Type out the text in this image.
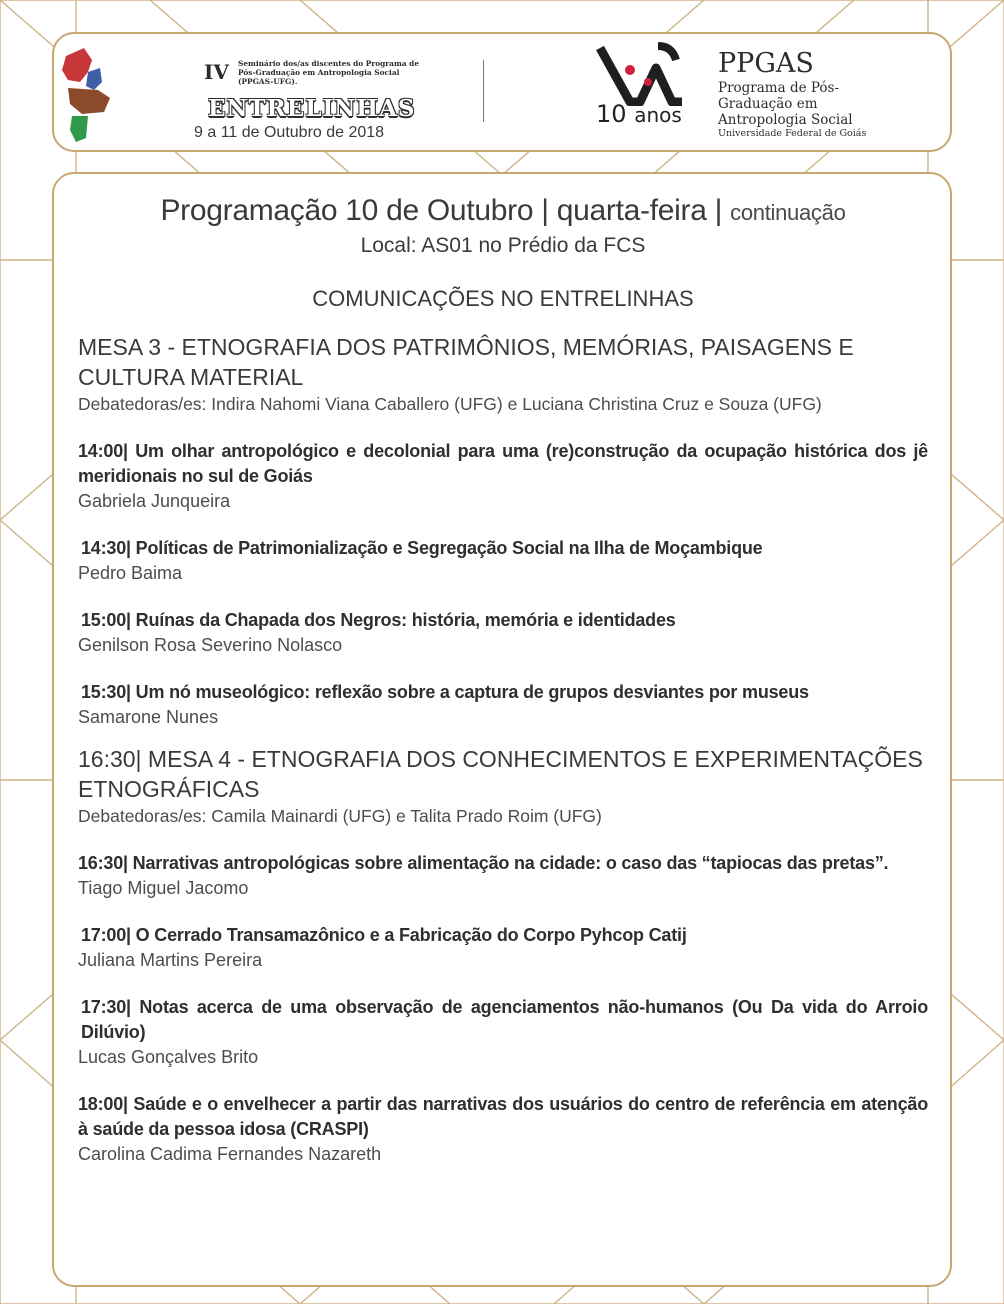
IV Seminário dos/as discentes do Programa de Pós-Graduação em Antropologia Social (PPGAS-UFG).
ENTRELINHAS
9 a 11 de Outubro de 2018
10 anos
PPGAS
Programa de Pós-Graduação em Antropologia Social
Universidade Federal de Goiás
Programação 10 de Outubro | quarta-feira | continuação
Local: AS01 no Prédio da FCS
COMUNICAÇÕES NO ENTRELINHAS
MESA 3 - ETNOGRAFIA DOS PATRIMÔNIOS, MEMÓRIAS, PAISAGENS E CULTURA MATERIAL
Debatedoras/es: Indira Nahomi Viana Caballero (UFG) e Luciana Christina Cruz e Souza (UFG)
14:00| Um olhar antropológico e decolonial para uma (re)construção da ocupação histórica dos jê meridionais no sul de Goiás
Gabriela Junqueira
14:30| Políticas de Patrimonialização e Segregação Social na Ilha de Moçambique
Pedro Baima
15:00| Ruínas da Chapada dos Negros: história, memória e identidades
Genilson Rosa Severino Nolasco
15:30| Um nó museológico: reflexão sobre a captura de grupos desviantes por museus
Samarone Nunes
16:30| MESA 4 - ETNOGRAFIA DOS CONHECIMENTOS E EXPERIMENTAÇÕES ETNOGRÁFICAS
Debatedoras/es: Camila Mainardi (UFG) e Talita Prado Roim (UFG)
16:30| Narrativas antropológicas sobre alimentação na cidade: o caso das “tapiocas das pretas”.
Tiago Miguel Jacomo
17:00| O Cerrado Transamazônico e a Fabricação do Corpo Pyhcop Catij
Juliana Martins Pereira
17:30| Notas acerca de uma observação de agenciamentos não-humanos (Ou Da vida do Arroio Dilúvio)
Lucas Gonçalves Brito
18:00| Saúde e o envelhecer a partir das narrativas dos usuários do centro de referência em atenção à saúde da pessoa idosa (CRASPI)
Carolina Cadima Fernandes Nazareth
